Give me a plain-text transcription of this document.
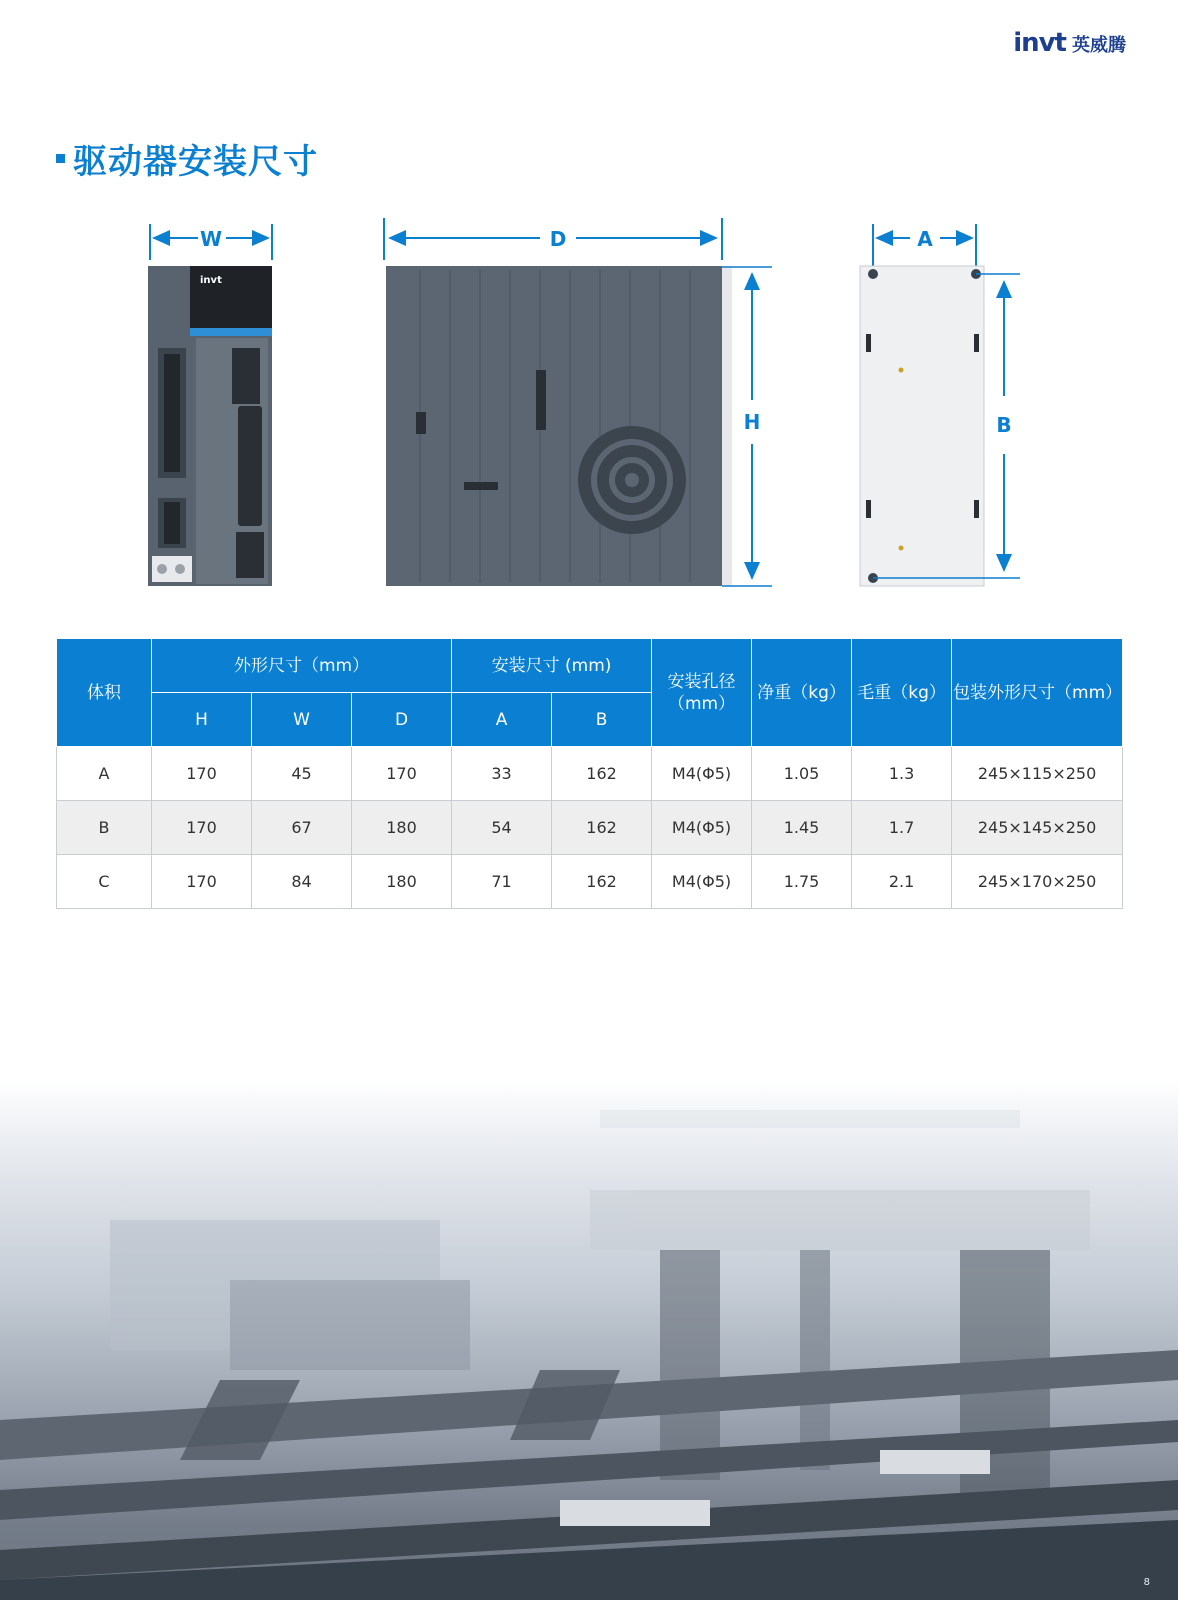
invt 英威腾
驱动器安装尺寸
W
invt
D
H
A
B
体积	外形尺寸（mm）			安装尺寸 (mm)		安装孔径（mm）	净重（kg）	毛重（kg）	包装外形尺寸（mm）
	H	W	D	A	B				
A	170	45	170	33	162	M4(Φ5)	1.05	1.3	245×115×250
B	170	67	180	54	162	M4(Φ5)	1.45	1.7	245×145×250
C	170	84	180	71	162	M4(Φ5)	1.75	2.1	245×170×250
8
